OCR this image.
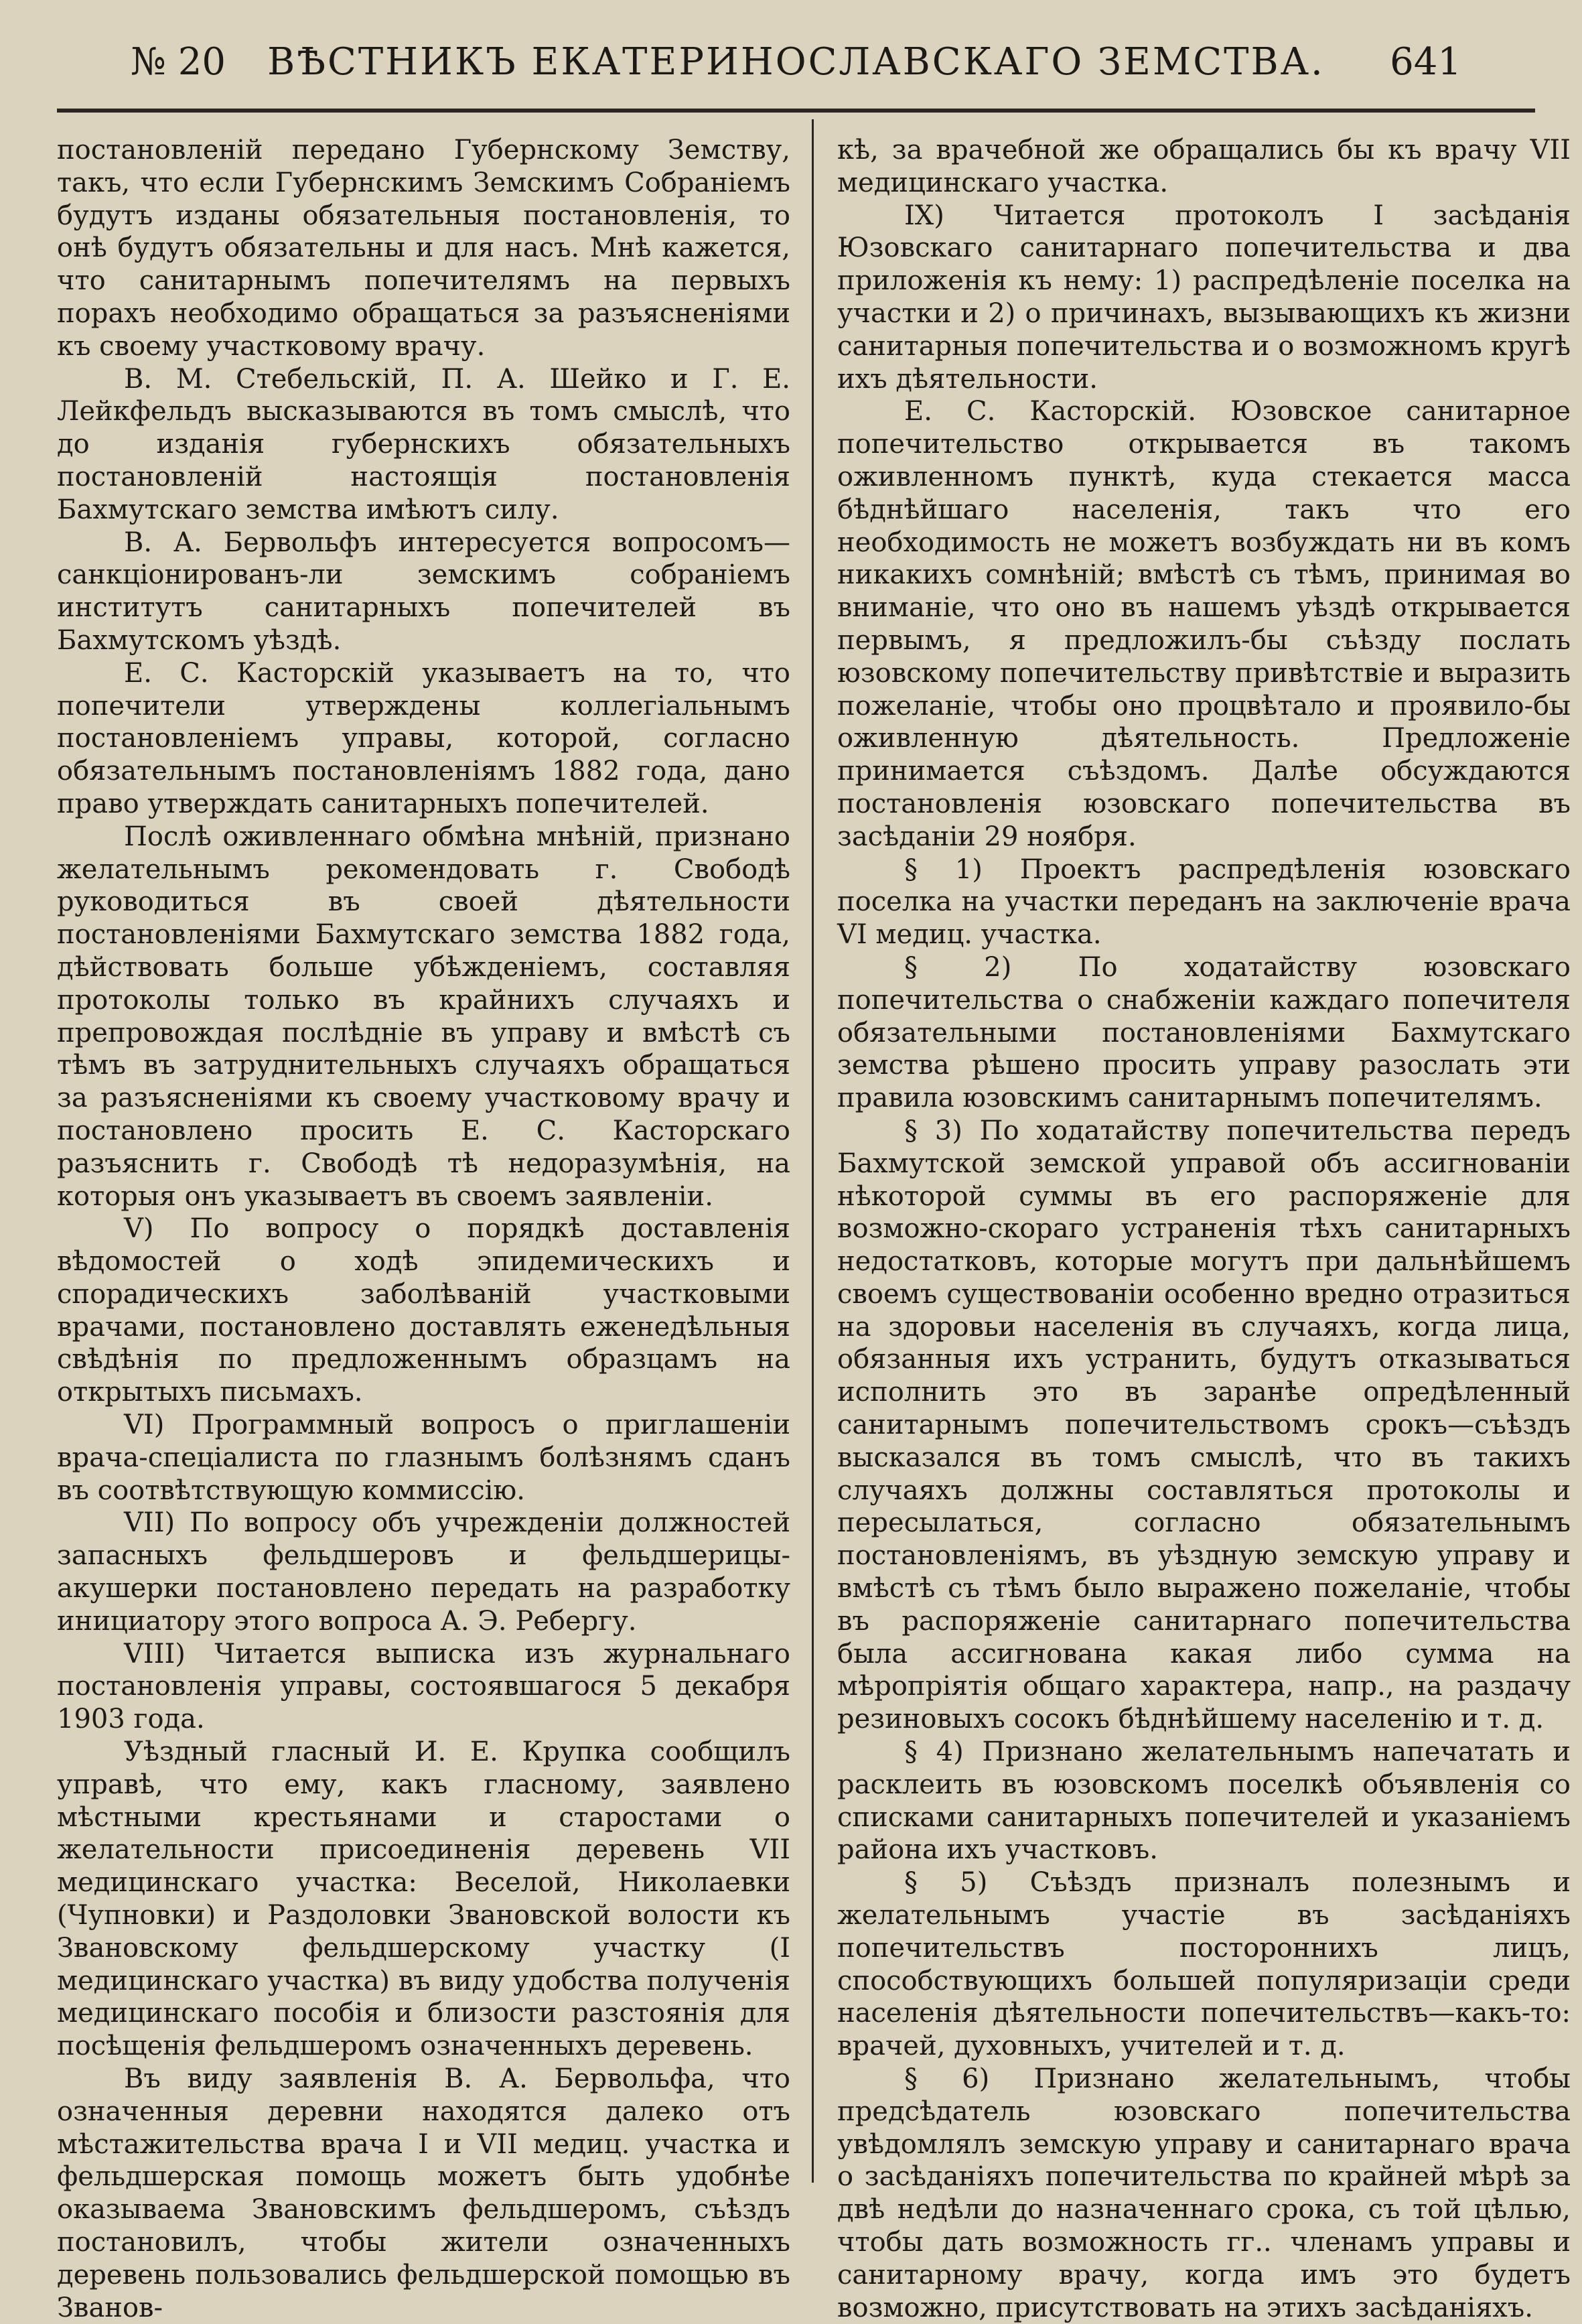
№ 20	ВѢСТНИКЪ ЕКАТЕРИНОСЛАВСКАГО ЗЕМСТВА.	641

постановленiй передано Губернскому Земству, такъ, что если Губернскимъ Земскимъ Собранiемъ будутъ изданы обязательныя постановленiя, то онѣ будутъ обязательны и для насъ. Мнѣ кажется, что санитарнымъ попечителямъ на первыхъ порахъ необходимо обращаться за разъясненiями къ своему участковому врачу.

В. М. Стебельскiй, П. А. Шейко и Г. Е. Лейкфельдъ высказываются въ томъ смыслѣ, что до изданiя губернскихъ обязательныхъ постановленiй настоящiя постановленiя Бахмутскаго земства имѣютъ силу.

В. А. Бервольфъ интересуется вопросомъ— санкцiонированъ-ли земскимъ собранiемъ институтъ санитарныхъ попечителей въ Бахмутскомъ уѣздѣ.

Е. С. Касторскiй указываетъ на то, что попечители утверждены коллегiальнымъ постановленiемъ управы, которой, согласно обязательнымъ постановленiямъ 1882 года, дано право утверждать санитарныхъ попечителей.

Послѣ оживленнаго обмѣна мнѣнiй, признано желательнымъ рекомендовать г. Свободѣ руководиться въ своей дѣятельности постановленiями Бахмутскаго земства 1882 года, дѣйствовать больше убѣжденiемъ, составляя протоколы только въ крайнихъ случаяхъ и препровождая послѣднiе въ управу и вмѣстѣ съ тѣмъ въ затруднительныхъ случаяхъ обращаться за разъясненiями къ своему участковому врачу и постановлено просить Е. С. Касторскаго разъяснить г. Свободѣ тѣ недоразумѣнiя, на которыя онъ указываетъ въ своемъ заявленiи.

V) По вопросу о порядкѣ доставленiя вѣдомостей о ходѣ эпидемическихъ и спорадическихъ заболѣванiй участковыми врачами, постановлено доставлять еженедѣльныя свѣдѣнiя по предложеннымъ образцамъ на открытыхъ письмахъ.

VI) Программный вопросъ о приглашенiи врача-спецiалиста по глазнымъ болѣзнямъ сданъ въ соотвѣтствующую коммиссiю.

VII) По вопросу объ учрежденiи должностей запасныхъ фельдшеровъ и фельдшерицы-акушерки постановлено передать на разработку инициатору этого вопроса А. Э. Ребергу.

VIII) Читается выписка изъ журнальнаго постановленiя управы, состоявшагося 5 декабря 1903 года.

Уѣздный гласный И. Е. Крупка сообщилъ управѣ, что ему, какъ гласному, заявлено мѣстными крестьянами и старостами о желательности присоединенiя деревень VII медицинскаго участка: Веселой, Николаевки (Чупновки) и Раздоловки Звановской волости къ Звановскому фельдшерскому участку (I медицинскаго участка) въ виду удобства полученiя медицинскаго пособiя и близости разстоянiя для посѣщенiя фельдшеромъ означенныхъ деревень.

Въ виду заявленiя В. А. Бервольфа, что означенныя деревни находятся далеко отъ мѣстажительства врача I и VII медиц. участка и фельдшерская помощь можетъ быть удобнѣе оказываема Звановскимъ фельдшеромъ, съѣздъ постановилъ, чтобы жители означенныхъ деревень пользовались фельдшерской помощью въ Званов-

кѣ, за врачебной же обращались бы къ врачу VII медицинскаго участка.

IX) Читается протоколъ I засѣданiя Юзовскаго санитарнаго попечительства и два приложенiя къ нему: 1) распредѣленiе поселка на участки и 2) о причинахъ, вызывающихъ къ жизни санитарныя попечительства и о возможномъ кругѣ ихъ дѣятельности.

Е. С. Касторскiй. Юзовское санитарное попечительство открывается въ такомъ оживленномъ пунктѣ, куда стекается масса бѣднѣйшаго населенiя, такъ что его необходимость не можетъ возбуждать ни въ комъ никакихъ сомнѣнiй; вмѣстѣ съ тѣмъ, принимая во вниманiе, что оно въ нашемъ уѣздѣ открывается первымъ, я предложилъ-бы съѣзду послать юзовскому попечительству привѣтствiе и выразить пожеланiе, чтобы оно процвѣтало и проявило-бы оживленную дѣятельность. Предложенiе принимается съѣздомъ. Далѣе обсуждаются постановленiя юзовскаго попечительства въ засѣданiи 29 ноября.

§ 1) Проектъ распредѣленiя юзовскаго поселка на участки переданъ на заключенiе врача VI медиц. участка.

§ 2) По ходатайству юзовскаго попечительства о снабженiи каждаго попечителя обязательными постановленiями Бахмутскаго земства рѣшено просить управу разослать эти правила юзовскимъ санитарнымъ попечителямъ.

§ 3) По ходатайству попечительства передъ Бахмутской земской управой объ ассигнованiи нѣкоторой суммы въ его распоряженiе для возможно-скораго устраненiя тѣхъ санитарныхъ недостатковъ, которые могутъ при дальнѣйшемъ своемъ существованiи особенно вредно отразиться на здоровьи населенiя въ случаяхъ, когда лица, обязанныя ихъ устранить, будутъ отказываться исполнить это въ заранѣе опредѣленный санитарнымъ попечительствомъ срокъ—съѣздъ высказался въ томъ смыслѣ, что въ такихъ случаяхъ должны составляться протоколы и пересылаться, согласно обязательнымъ постановленiямъ, въ уѣздную земскую управу и вмѣстѣ съ тѣмъ было выражено пожеланiе, чтобы въ распоряженiе санитарнаго попечительства была ассигнована какая либо сумма на мѣропрiятiя общаго характера, напр., на раздачу резиновыхъ сосокъ бѣднѣйшему населенiю и т. д.

§ 4) Признано желательнымъ напечатать и расклеить въ юзовскомъ поселкѣ объявленiя со списками санитарныхъ попечителей и указанiемъ района ихъ участковъ.

§ 5) Съѣздъ призналъ полезнымъ и желательнымъ участiе въ засѣданiяхъ попечительствъ постороннихъ лицъ, способствующихъ большей популяризацiи среди населенiя дѣятельности попечительствъ—какъ-то: врачей, духовныхъ, учителей и т. д.

§ 6) Признано желательнымъ, чтобы предсѣдатель юзовскаго попечительства увѣдомлялъ земскую управу и санитарнаго врача о засѣданiяхъ попечительства по крайней мѣрѣ за двѣ недѣли до назначеннаго срока, съ той цѣлью, чтобы дать возможность гг.. членамъ управы и санитарному врачу, когда имъ это будетъ возможно, присутствовать на этихъ засѣданiяхъ.
